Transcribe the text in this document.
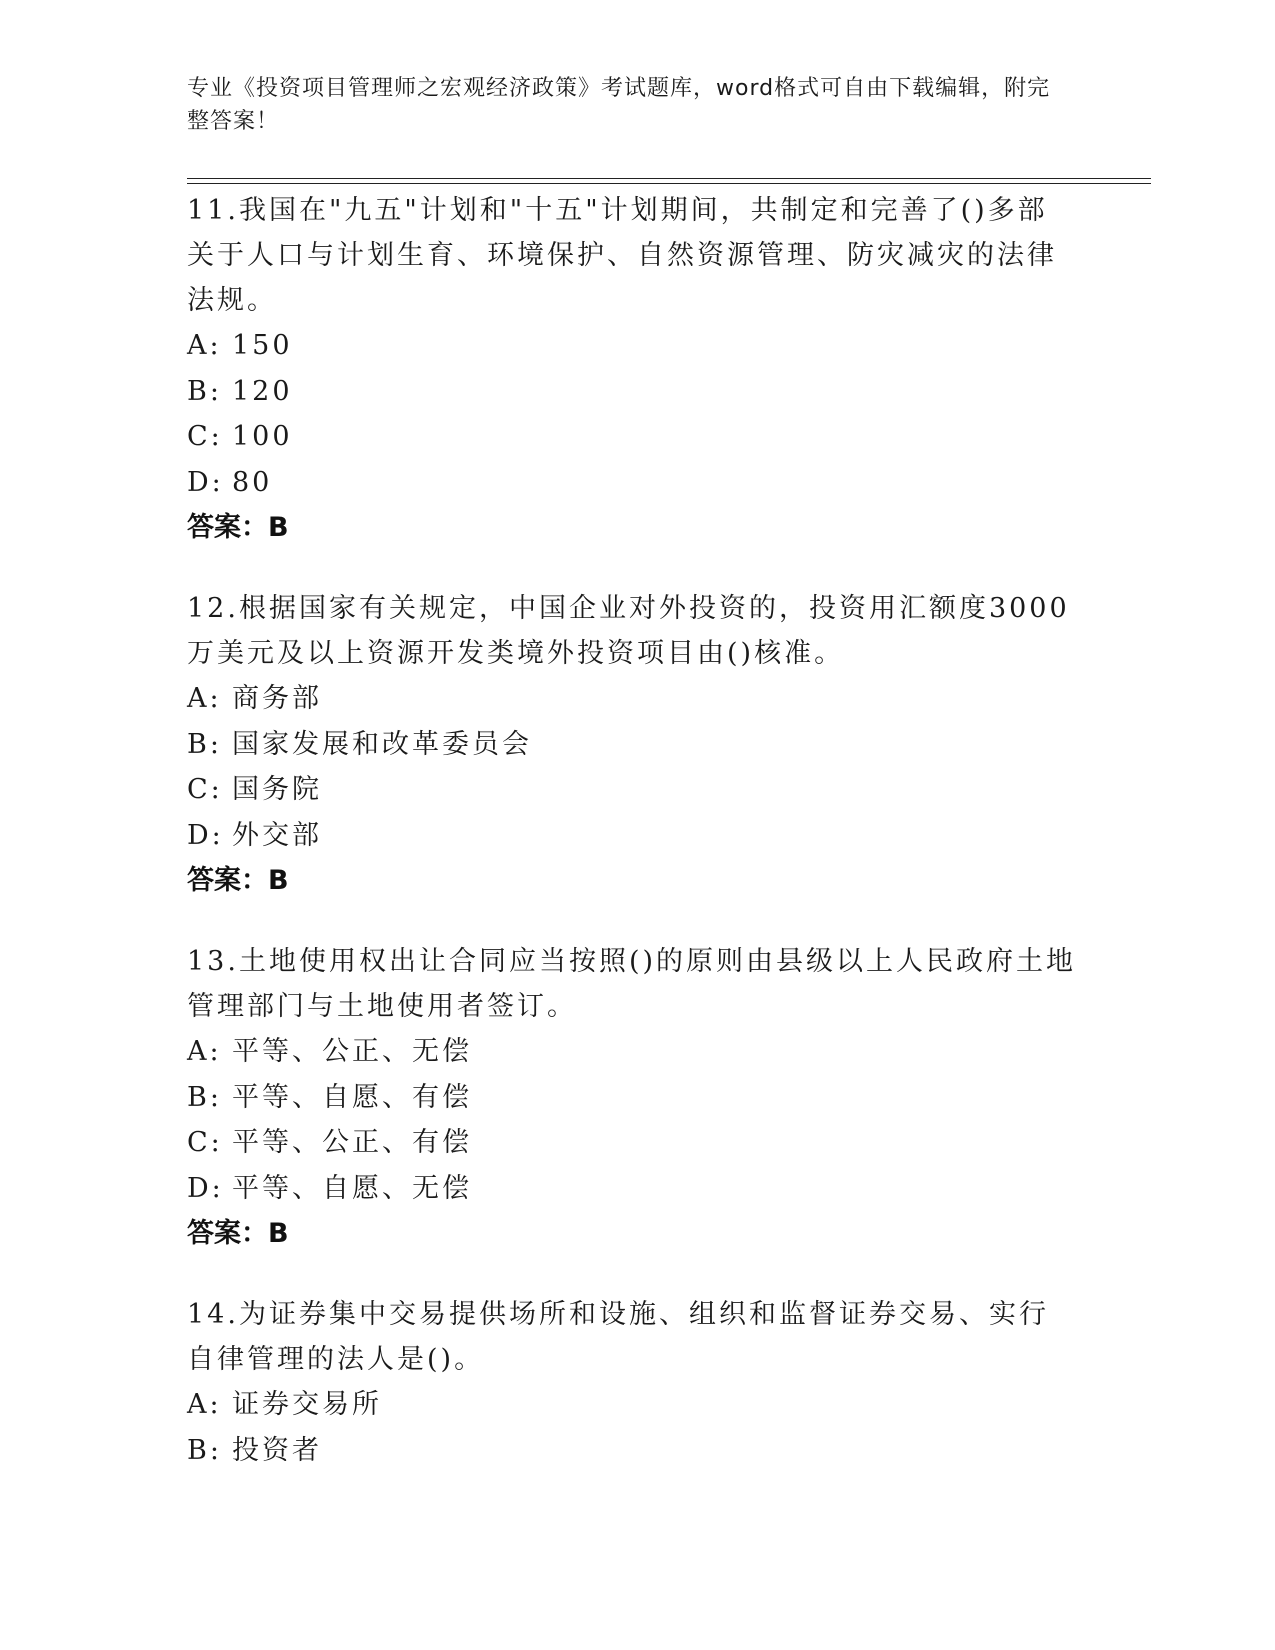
专业《投资项目管理师之宏观经济政策》考试题库，word格式可自由下载编辑，附完整答案！

11.我国在"九五"计划和"十五"计划期间，共制定和完善了()多部关于人口与计划生育、环境保护、自然资源管理、防灾减灾的法律法规。

A: 150

B: 120

C: 100

D: 80

答案：B

12.根据国家有关规定，中国企业对外投资的，投资用汇额度3000万美元及以上资源开发类境外投资项目由()核准。

A: 商务部

B: 国家发展和改革委员会

C: 国务院

D: 外交部

答案：B

13.土地使用权出让合同应当按照()的原则由县级以上人民政府土地管理部门与土地使用者签订。

A: 平等、公正、无偿

B: 平等、自愿、有偿

C: 平等、公正、有偿

D: 平等、自愿、无偿

答案：B

14.为证券集中交易提供场所和设施、组织和监督证券交易、实行自律管理的法人是()。

A: 证券交易所

B: 投资者
